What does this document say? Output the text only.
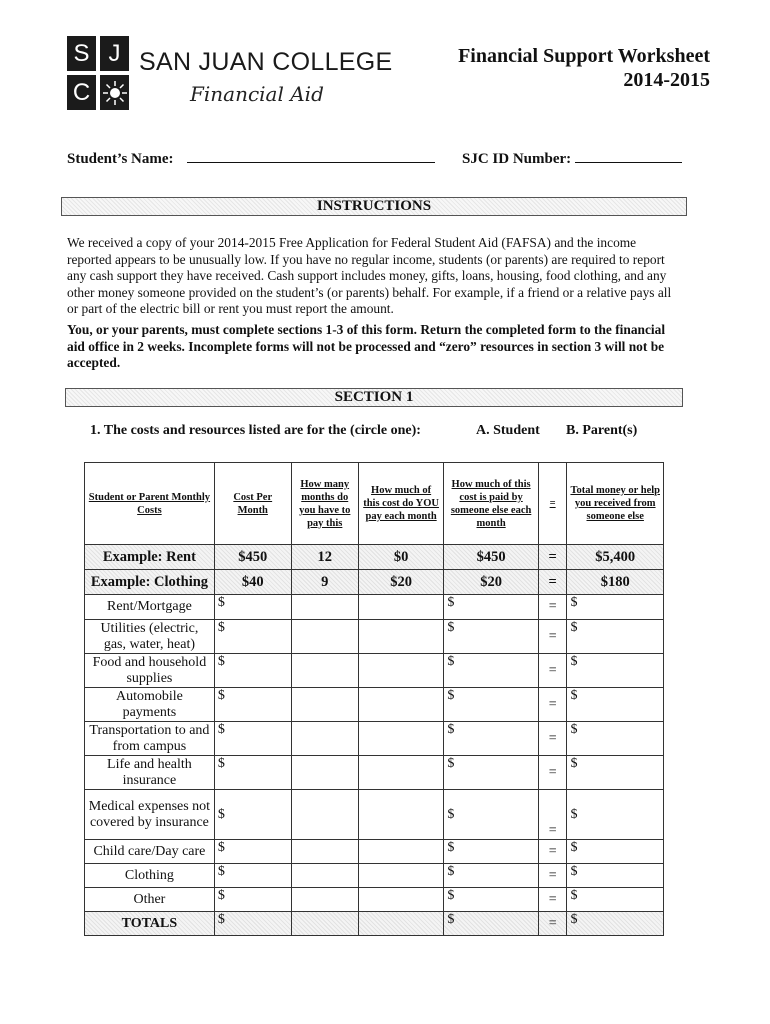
S J
C
SAN JUAN COLLEGE
Financial Aid
Financial Support Worksheet
2014-2015
Student’s Name:	SJC ID Number:
INSTRUCTIONS
We received a copy of your 2014-2015 Free Application for Federal Student Aid (FAFSA) and the income reported appears to be unusually low. If you have no regular income, students (or parents) are required to report any cash support they have received. Cash support includes money, gifts, loans, housing, food clothing, and any other money someone provided on the student’s (or parents) behalf. For example, if a friend or a relative pays all or part of the electric bill or rent you must report the amount.
You, or your parents, must complete sections 1-3 of this form. Return the completed form to the financial aid office in 2 weeks. Incomplete forms will not be processed and “zero” resources in section 3 will not be accepted.
SECTION 1
1. The costs and resources listed are for the (circle one):	A. Student B. Parent(s)
Student or Parent Monthly Costs	Cost Per Month	How many months do you have to pay this	How much of this cost do YOU pay each month	How much of this cost is paid by someone else each month	=	Total money or help you received from someone else
Example: Rent	$450	12	$0	$450	=	$5,400
Example: Clothing	$40	9	$20	$20	=	$180
Rent/Mortgage	$			$	=	$
Utilities (electric, gas, water, heat)	$			$	=	$
Food and household supplies	$			$	=	$
Automobile payments	$			$	=	$
Transportation to and from campus	$			$	=	$
Life and health insurance	$			$	=	$
Medical expenses not covered by insurance	$			$	=	$
Child care/Day care	$			$	=	$
Clothing	$			$	=	$
Other	$			$	=	$
TOTALS	$			$	=	$
